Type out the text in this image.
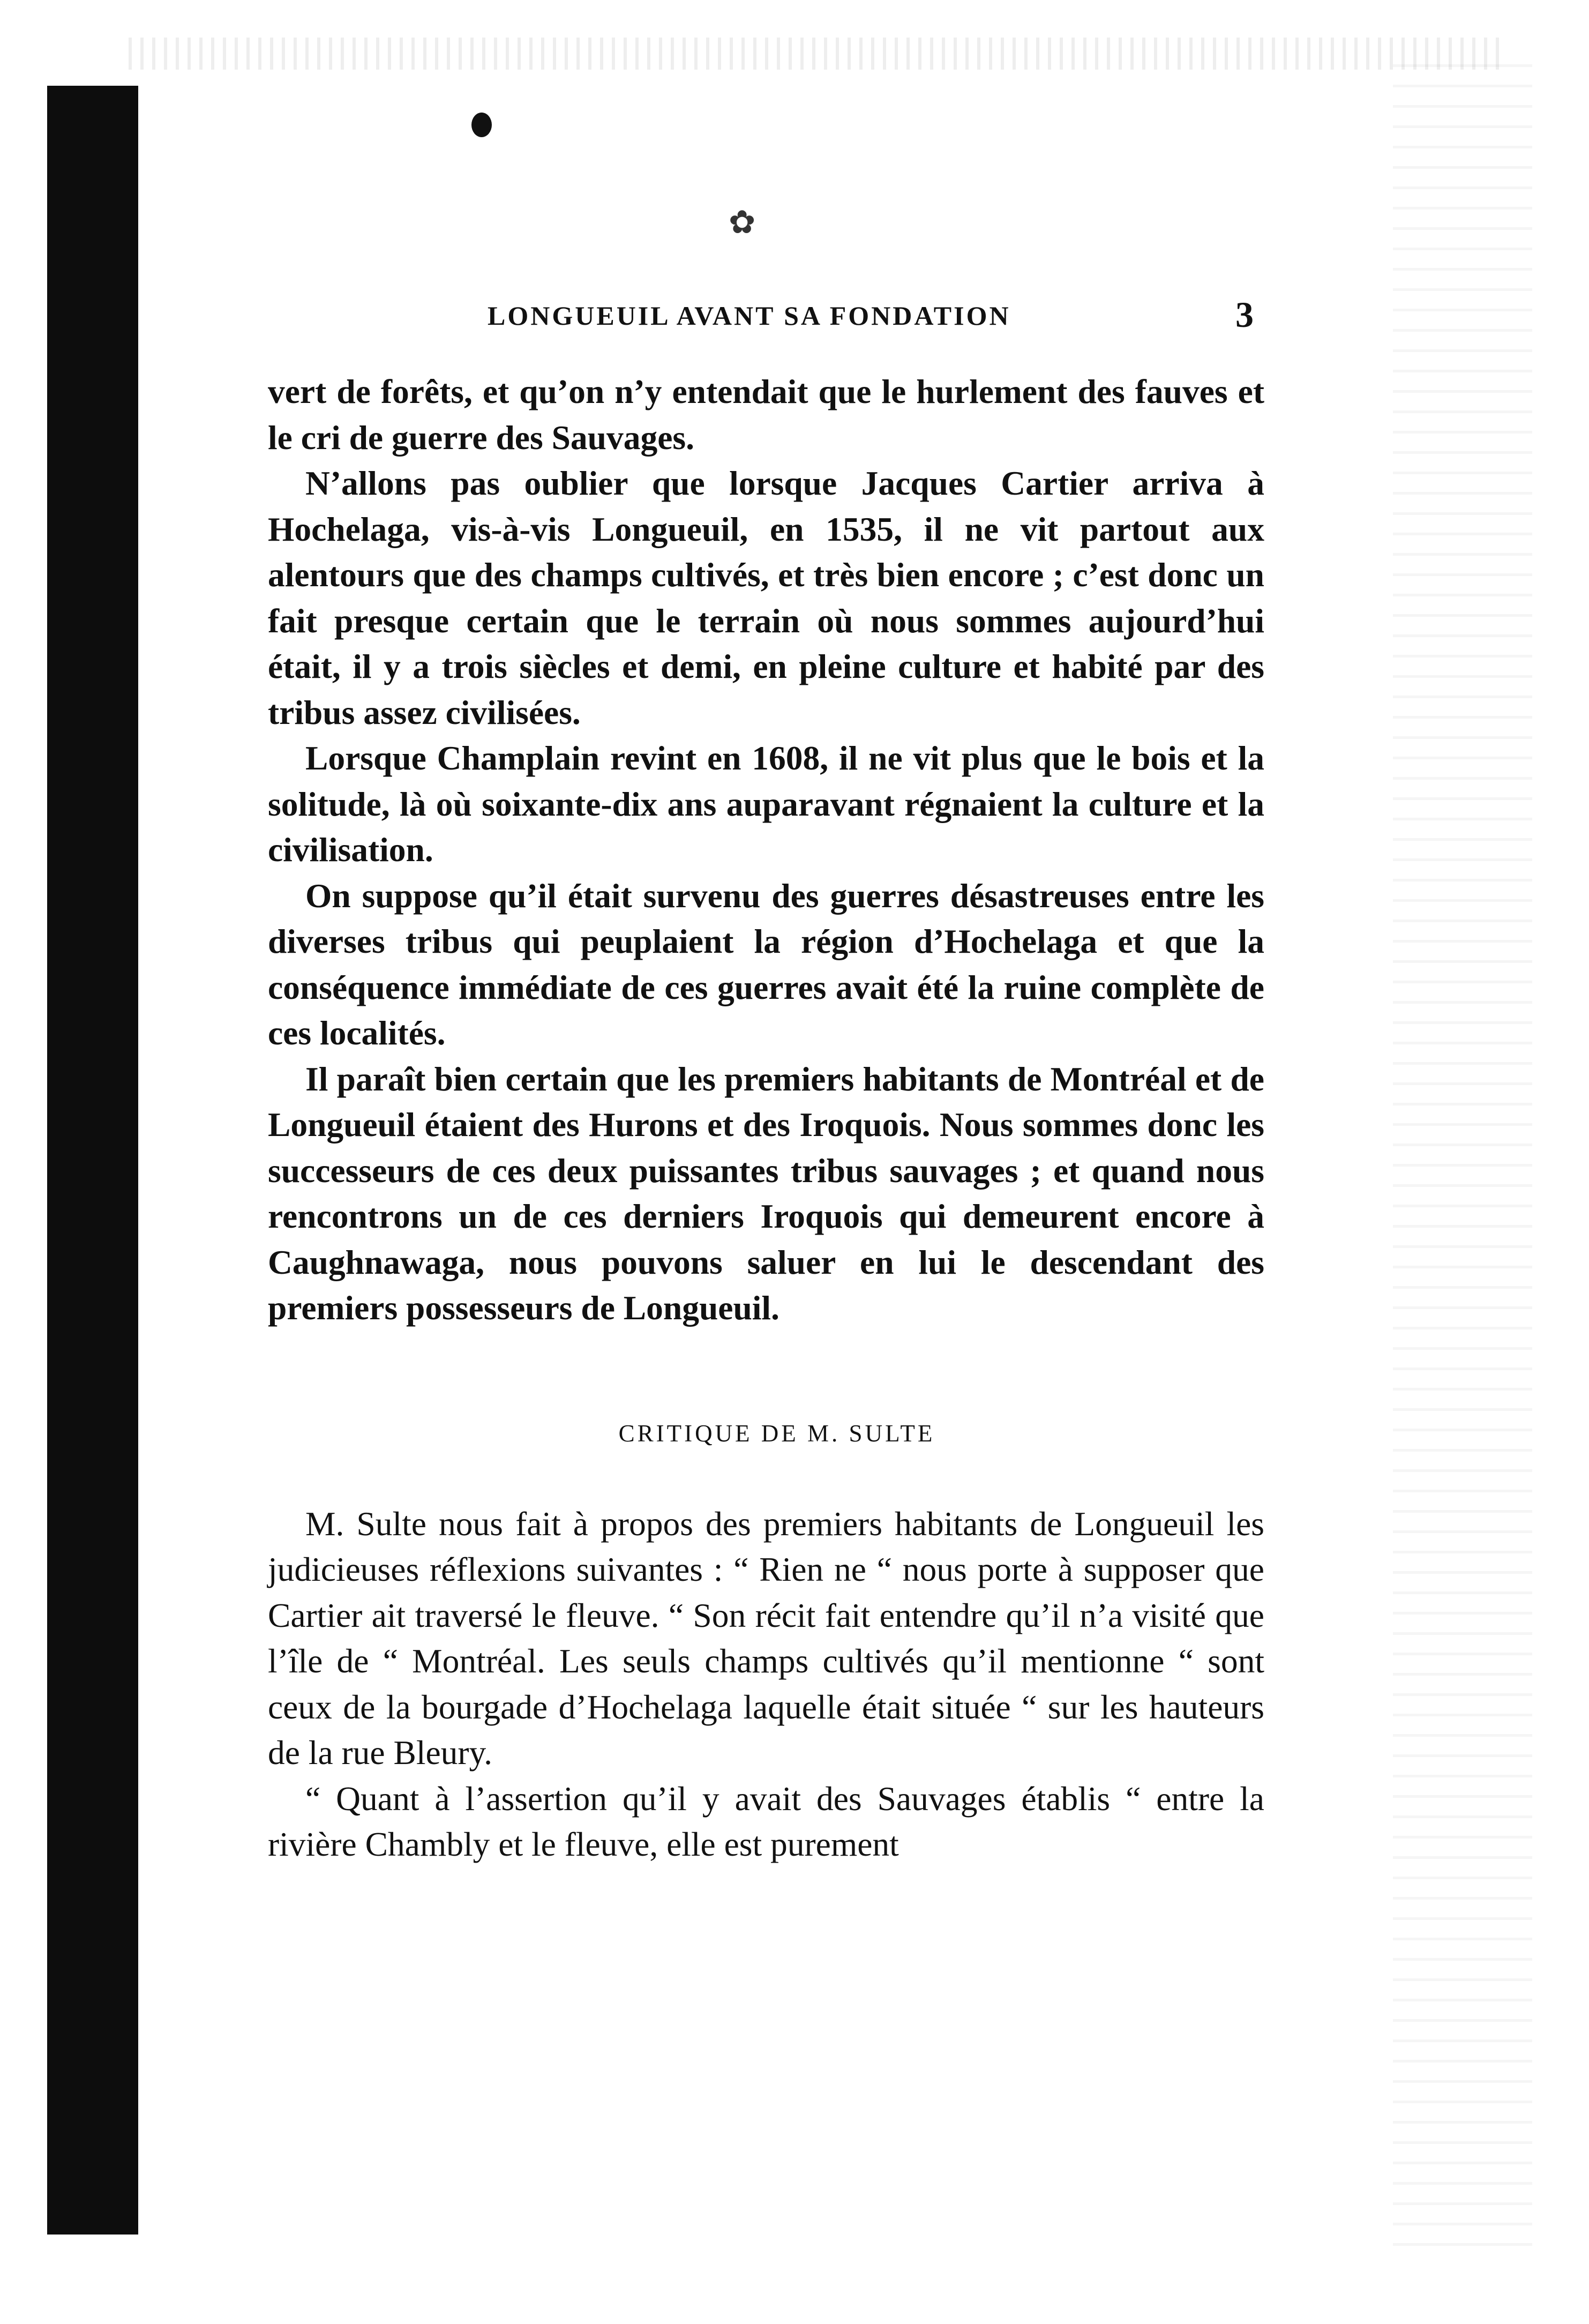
✿
LONGUEUIL AVANT SA FONDATION	3

vert de forêts, et qu’on n’y entendait que le hurlement des fauves et le cri de guerre des Sauvages.

N’allons pas oublier que lorsque Jacques Cartier arriva à Hochelaga, vis-à-vis Longueuil, en 1535, il ne vit partout aux alentours que des champs cultivés, et très bien encore ; c’est donc un fait presque certain que le terrain où nous sommes aujourd’hui était, il y a trois siècles et demi, en pleine culture et habité par des tribus assez civilisées.

Lorsque Champlain revint en 1608, il ne vit plus que le bois et la solitude, là où soixante-dix ans auparavant régnaient la culture et la civilisation.

On suppose qu’il était survenu des guerres désastreuses entre les diverses tribus qui peuplaient la région d’Hochelaga et que la conséquence immédiate de ces guerres avait été la ruine complète de ces localités.

Il paraît bien certain que les premiers habitants de Montréal et de Longueuil étaient des Hurons et des Iroquois. Nous sommes donc les successeurs de ces deux puissantes tribus sauvages ; et quand nous rencontrons un de ces derniers Iroquois qui demeurent encore à Caughnawaga, nous pouvons saluer en lui le descendant des premiers possesseurs de Longueuil.

CRITIQUE DE M. SULTE

M. Sulte nous fait à propos des premiers habitants de Longueuil les judicieuses réflexions suivantes : “ Rien ne “ nous porte à supposer que Cartier ait traversé le fleuve. “ Son récit fait entendre qu’il n’a visité que l’île de “ Montréal. Les seuls champs cultivés qu’il mentionne “ sont ceux de la bourgade d’Hochelaga laquelle était située “ sur les hauteurs de la rue Bleury.

“ Quant à l’assertion qu’il y avait des Sauvages établis “ entre la rivière Chambly et le fleuve, elle est purement
